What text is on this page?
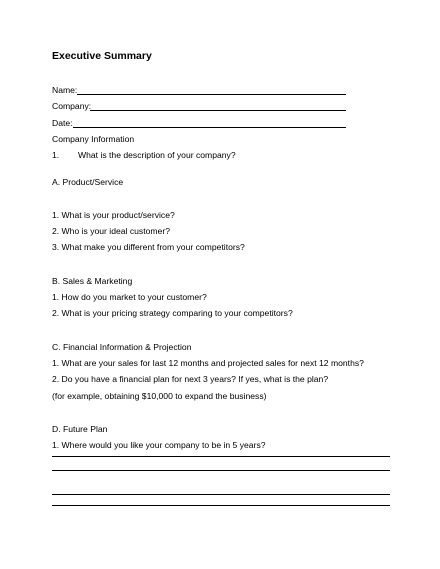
Executive Summary
Name:
Company:
Date:
Company Information
1. What is the description of your company?
A. Product/Service
1. What is your product/service?
2. Who is your ideal customer?
3. What make you different from your competitors?
B. Sales & Marketing
1. How do you market to your customer?
2. What is your pricing strategy comparing to your competitors?
C. Financial Information & Projection
1. What are your sales for last 12 months and projected sales for next 12 months?
2. Do you have a financial plan for next 3 years? If yes, what is the plan?
(for example, obtaining $10,000 to expand the business)
D. Future Plan
1. Where would you like your company to be in 5 years?
